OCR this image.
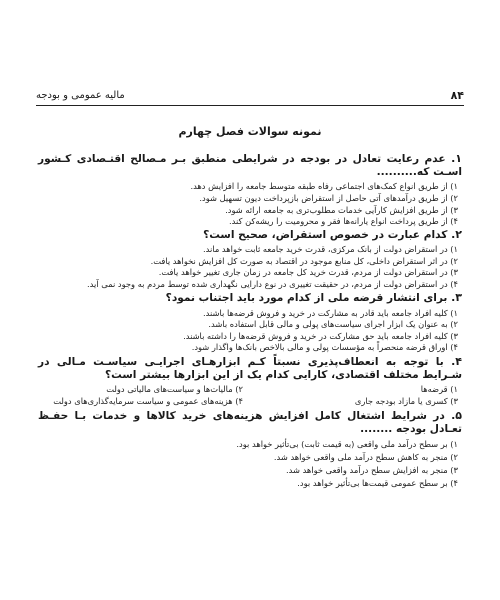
۸۴
مالیه عمومی و بودجه
نمونه سوالات فصل چهارم
۱. عدم رعایت تعادل در بودجه در شرایطی منطبق بـر مـصالح اقتـصادی کـشور اسـت که..........
۱) از طریق انواع کمک‌های اجتماعی رفاه طبقه متوسط جامعه را افزایش دهد.
۲) از طریق درآمدهای آتی حاصل از استقراض بازپرداخت دیون تسهیل شود.
۳) از طریق افزایش کارآیی خدمات مطلوب‌تری به جامعه ارائه شود.
۴) از طریق پرداخت انواع یارانه‌ها فقر و محرومیت را ریشه‌کن کند.
۲. کدام عبارت در خصوص استقراض، صحیح است؟
۱) در استقراض دولت از بانک مرکزی، قدرت خرید جامعه ثابت خواهد ماند.
۲) در اثر استقراض داخلی، کل منابع موجود در اقتصاد به صورت کل افزایش نخواهد یافت.
۳) در استقراض دولت از مردم، قدرت خرید کل جامعه در زمان جاری تغییر خواهد یافت.
۴) در استقراض دولت از مردم، در حقیقت تغییری در نوع دارایی نگهداری شده توسط مردم به وجود نمی آید.
۳. برای انتشار قرضه ملی از کدام مورد باید اجتناب نمود؟
۱) کلیه افراد جامعه باید قادر به مشارکت در خرید و فروش قرضه‌ها باشند.
۲) به عنوان یک ابزار اجرای سیاست‌های پولی و مالی قابل استفاده باشد.
۳) کلیه افراد جامعه باید حق مشارکت در خرید و فروش قرضه‌ها را داشته باشند.
۴) اوراق قرضه منحصراً به مؤسسات پولی و مالی بالاخص بانک‌ها واگذار شود.
۴. با توجه به انعطاف‌پذیری نسبتاً کـم ابزارهـای اجرایـی سیاسـت مـالی در شـرایط مختلف اقتصادی، کارایی کدام یک از این ابزارها بیشتر است؟
۱) قرضه‌ها
۲) مالیات‌ها و سیاست‌های مالیاتی دولت
۳) کسری یا مازاد بودجه جاری
۴) هزینه‌های عمومی و سیاست سرمایه‌گذاری‌های دولت
۵. در شرایط اشتغال کامل افزایش هزینه‌های خرید کالاها و خدمات بـا حفـظ تعـادل بودجه ........
۱) بر سطح درآمد ملی واقعی (به قیمت ثابت) بی‌تأثیر خواهد بود.
۲) منجر به کاهش سطح درآمد ملی واقعی خواهد شد.
۳) منجر به افزایش سطح درآمد واقعی خواهد شد.
۴) بر سطح عمومی قیمت‌ها بی‌تأثیر خواهد بود.
